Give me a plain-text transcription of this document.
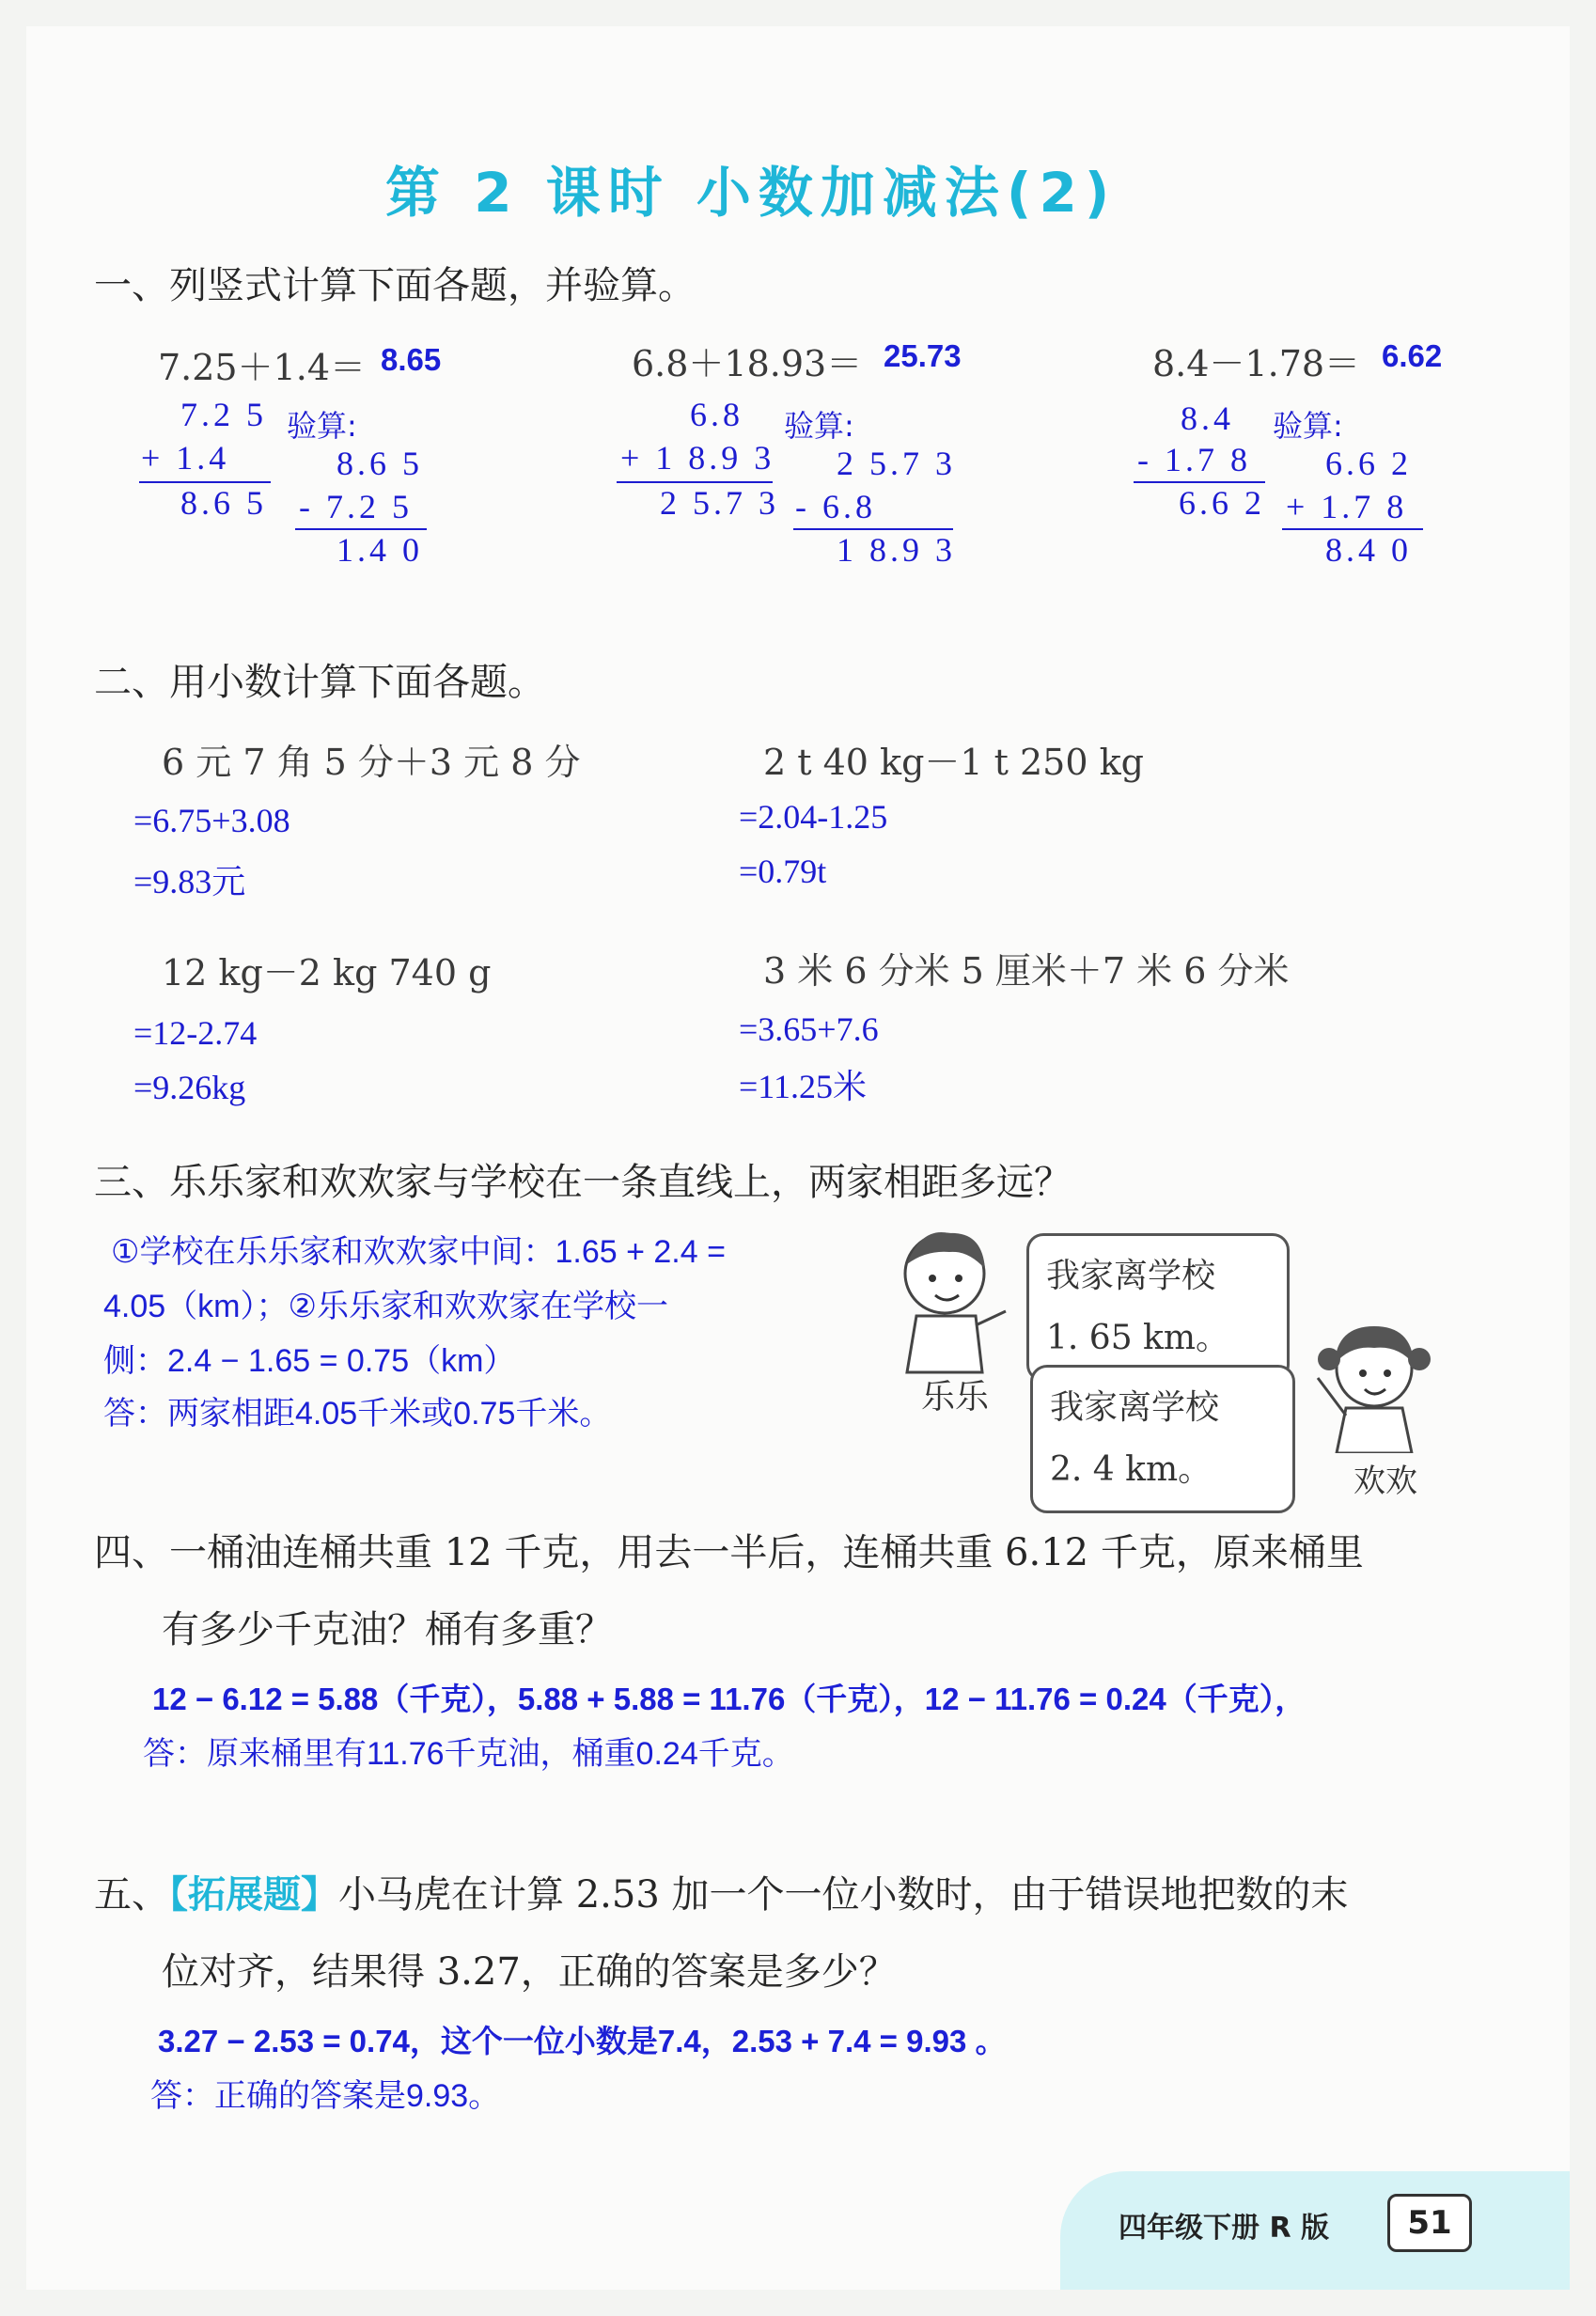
第 2 课时 小数加减法(2)
一、列竖式计算下面各题，并验算。
7.25＋1.4＝ 8.65
7.2 5
+ 1.4
8.6 5
验算:
8.6 5
- 7.2 5
1.4 0
6.8＋18.93＝ 25.73
6.8
+ 1 8.9 3
2 5.7 3
验算:
2 5.7 3
- 6.8
1 8.9 3
8.4－1.78＝ 6.62
8.4
- 1.7 8
6.6 2
验算:
6.6 2
+ 1.7 8
8.4 0
二、用小数计算下面各题。
6 元 7 角 5 分＋3 元 8 分
=6.75+3.08
=9.83元
2 t 40 kg－1 t 250 kg
=2.04-1.25
=0.79t
12 kg－2 kg 740 g
=12-2.74
=9.26kg
3 米 6 分米 5 厘米＋7 米 6 分米
=3.65+7.6
=11.25米
三、乐乐家和欢欢家与学校在一条直线上，两家相距多远？
①学校在乐乐家和欢欢家中间：1.65 + 2.4 =
4.05（km）；②乐乐家和欢欢家在学校一
侧：2.4 − 1.65 = 0.75（km）
答：两家相距4.05千米或0.75千米。	乐乐
我家离学校
1. 65 km。
我家离学校
2. 4 km。	欢欢
四、一桶油连桶共重 12 千克，用去一半后，连桶共重 6.12 千克，原来桶里
有多少千克油？桶有多重？
12 − 6.12 = 5.88（千克），5.88 + 5.88 = 11.76（千克），12 − 11.76 = 0.24（千克），
答：原来桶里有11.76千克油，桶重0.24千克。
五、【拓展题】小马虎在计算 2.53 加一个一位小数时，由于错误地把数的末
位对齐，结果得 3.27，正确的答案是多少？
3.27 − 2.53 = 0.74，这个一位小数是7.4，2.53 + 7.4 = 9.93 。
答：正确的答案是9.93。
四年级下册 R 版	51
